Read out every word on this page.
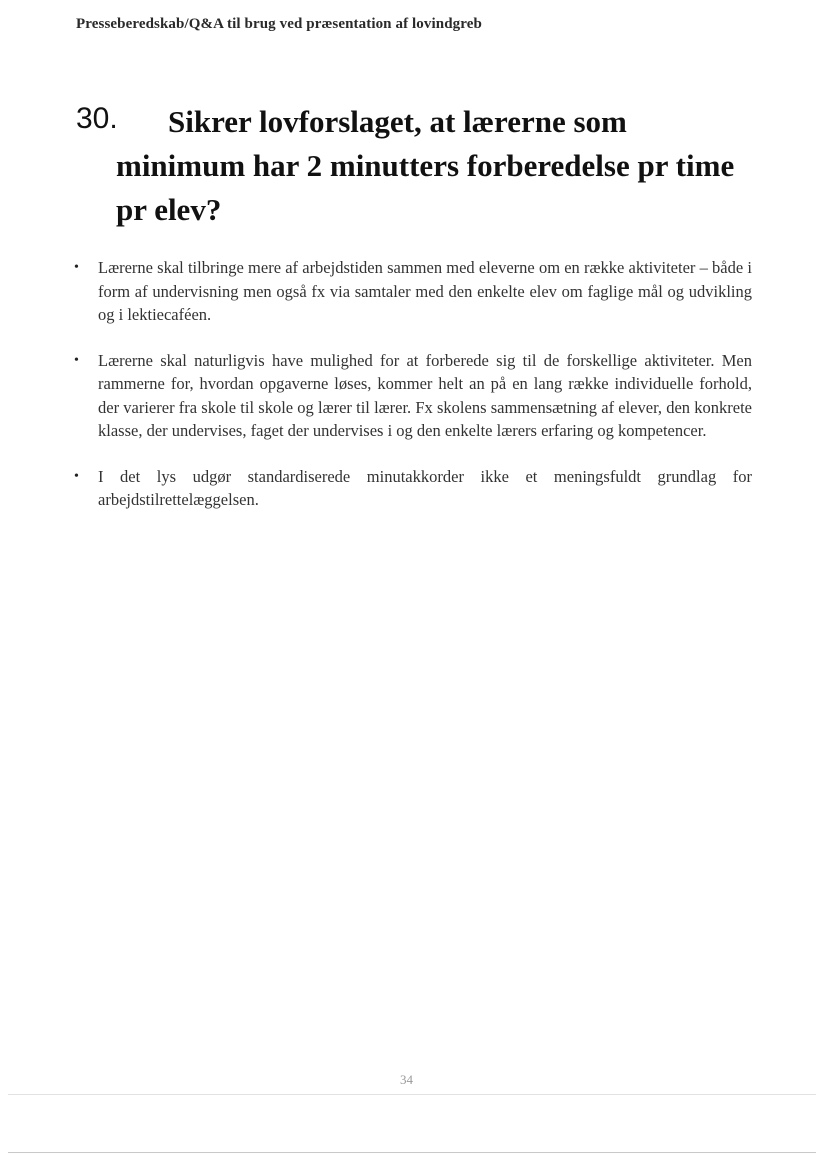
Presseberedskab/Q&A til brug ved præsentation af lovindgreb
30.	Sikrer lovforslaget, at lærerne som minimum har 2 minutters forberedelse pr time pr elev?
• Lærerne skal tilbringe mere af arbejdstiden sammen med eleverne om en række aktiviteter – både i form af undervisning men også fx via samtaler med den enkelte elev om faglige mål og udvikling og i lektiecaféen.
• Lærerne skal naturligvis have mulighed for at forberede sig til de forskellige aktiviteter. Men rammerne for, hvordan opgaverne løses, kommer helt an på en lang række individuelle forhold, der varierer fra skole til skole og lærer til lærer. Fx skolens sammensætning af elever, den konkrete klasse, der undervises, faget der undervises i og den enkelte lærers erfaring og kompetencer.
• I det lys udgør standardiserede minutakkorder ikke et meningsfuldt grundlag for arbejdstilrettelæggelsen.
34
